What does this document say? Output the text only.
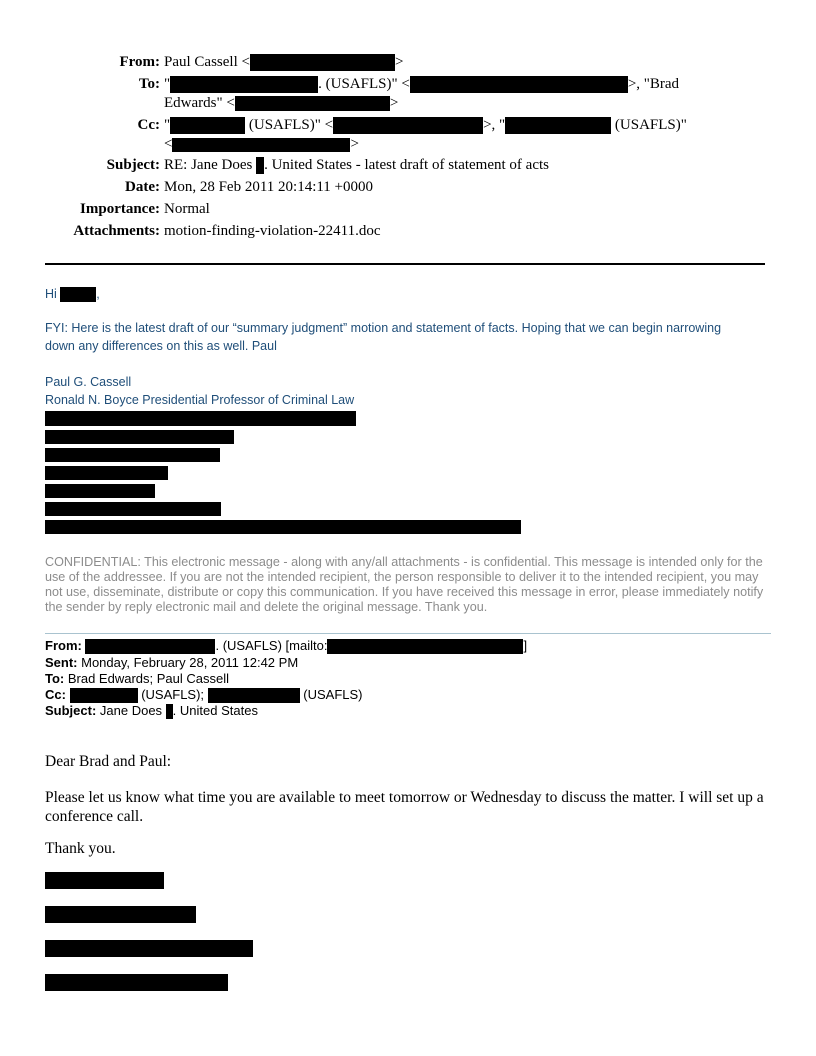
From: Paul Cassell <	>
To: "	. (USAFLS)" <	>, "Brad
Edwards" <	>
Cc: "	(USAFLS)" <	>, "	(USAFLS)"
<	>
Subject: RE: Jane Does . United States - latest draft of statement of acts
Date: Mon, 28 Feb 2011 20:14:11 +0000
Importance: Normal
Attachments: motion-finding-violation-22411.doc
Hi	,
FYI: Here is the latest draft of our “summary judgment” motion and statement of facts. Hoping that we can begin narrowing down any differences on this as well. Paul
Paul G. Cassell
Ronald N. Boyce Presidential Professor of Criminal Law
CONFIDENTIAL: This electronic message - along with any/all attachments - is confidential. This message is intended only for the use of the addressee. If you are not the intended recipient, the person responsible to deliver it to the intended recipient, you may not use, disseminate, distribute or copy this communication. If you have received this message in error, please immediately notify the sender by reply electronic mail and delete the original message. Thank you.
From:	. (USAFLS) [mailto:	]
Sent: Monday, February 28, 2011 12:42 PM
To: Brad Edwards; Paul Cassell
Cc:	(USAFLS);	(USAFLS)
Subject: Jane Does . United States
Dear Brad and Paul:
Please let us know what time you are available to meet tomorrow or Wednesday to discuss the matter. I will set up a conference call.
Thank you.
